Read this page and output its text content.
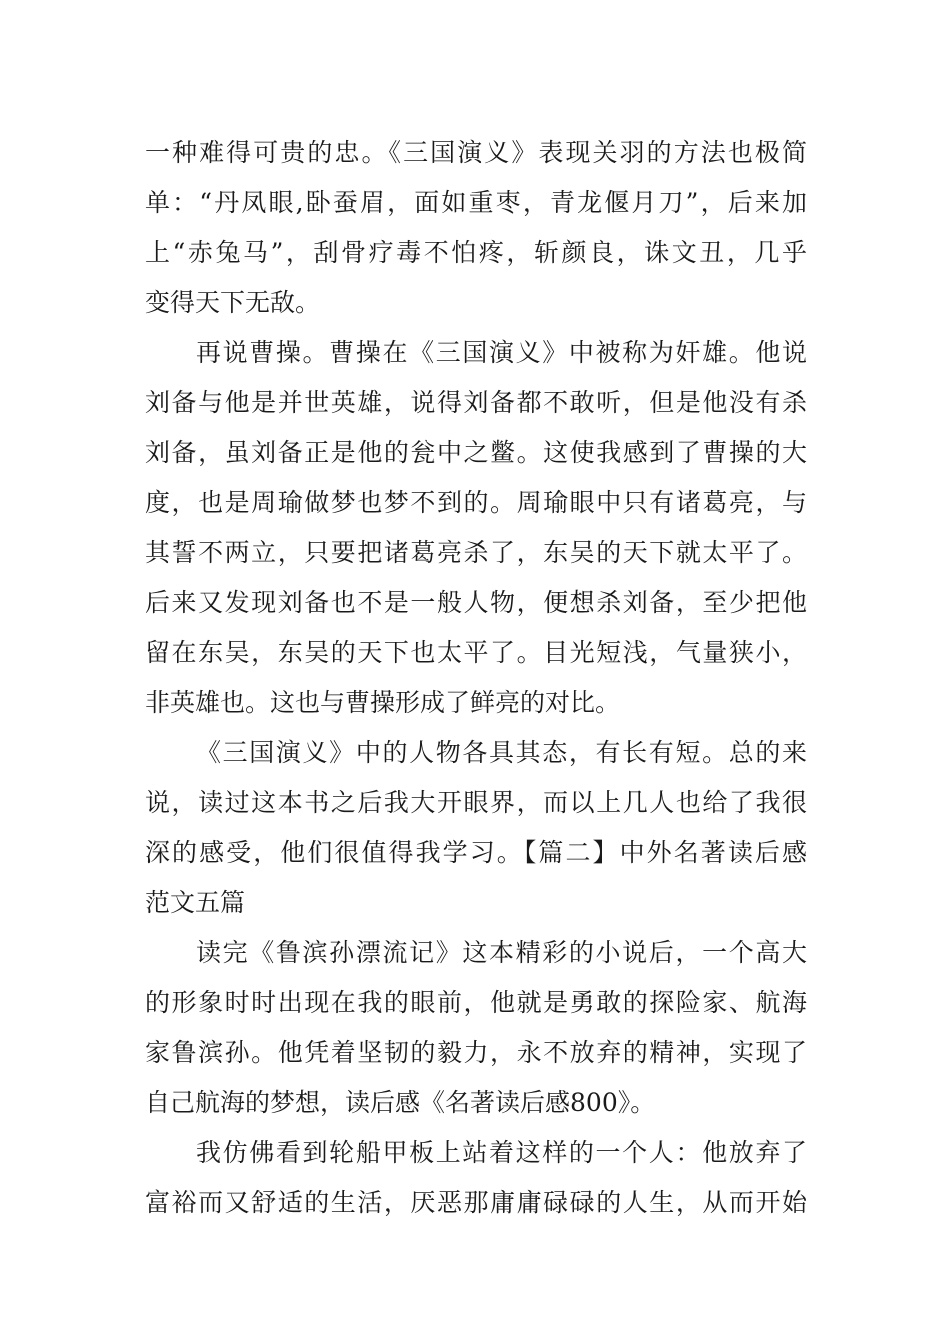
一种难得可贵的忠。《三国演义》表现关羽的方法也极简
单：“丹凤眼,卧蚕眉，面如重枣，青龙偃月刀”，后来加
上“赤兔马”，刮骨疗毒不怕疼，斩颜良，诛文丑，几乎
变得天下无敌。
再说曹操。曹操在《三国演义》中被称为奸雄。他说
刘备与他是并世英雄，说得刘备都不敢听，但是他没有杀
刘备，虽刘备正是他的瓮中之鳖。这使我感到了曹操的大
度，也是周瑜做梦也梦不到的。周瑜眼中只有诸葛亮，与
其誓不两立，只要把诸葛亮杀了，东吴的天下就太平了。
后来又发现刘备也不是一般人物，便想杀刘备，至少把他
留在东吴，东吴的天下也太平了。目光短浅，气量狭小，
非英雄也。这也与曹操形成了鲜亮的对比。
《三国演义》中的人物各具其态，有长有短。总的来
说，读过这本书之后我大开眼界，而以上几人也给了我很
深的感受，他们很值得我学习。【篇二】中外名著读后感
范文五篇
读完《鲁滨孙漂流记》这本精彩的小说后，一个高大
的形象时时出现在我的眼前，他就是勇敢的探险家、航海
家鲁滨孙。他凭着坚韧的毅力，永不放弃的精神，实现了
自己航海的梦想，读后感《名著读后感800》。
我仿佛看到轮船甲板上站着这样的一个人：他放弃了
富裕而又舒适的生活，厌恶那庸庸碌碌的人生，从而开始
